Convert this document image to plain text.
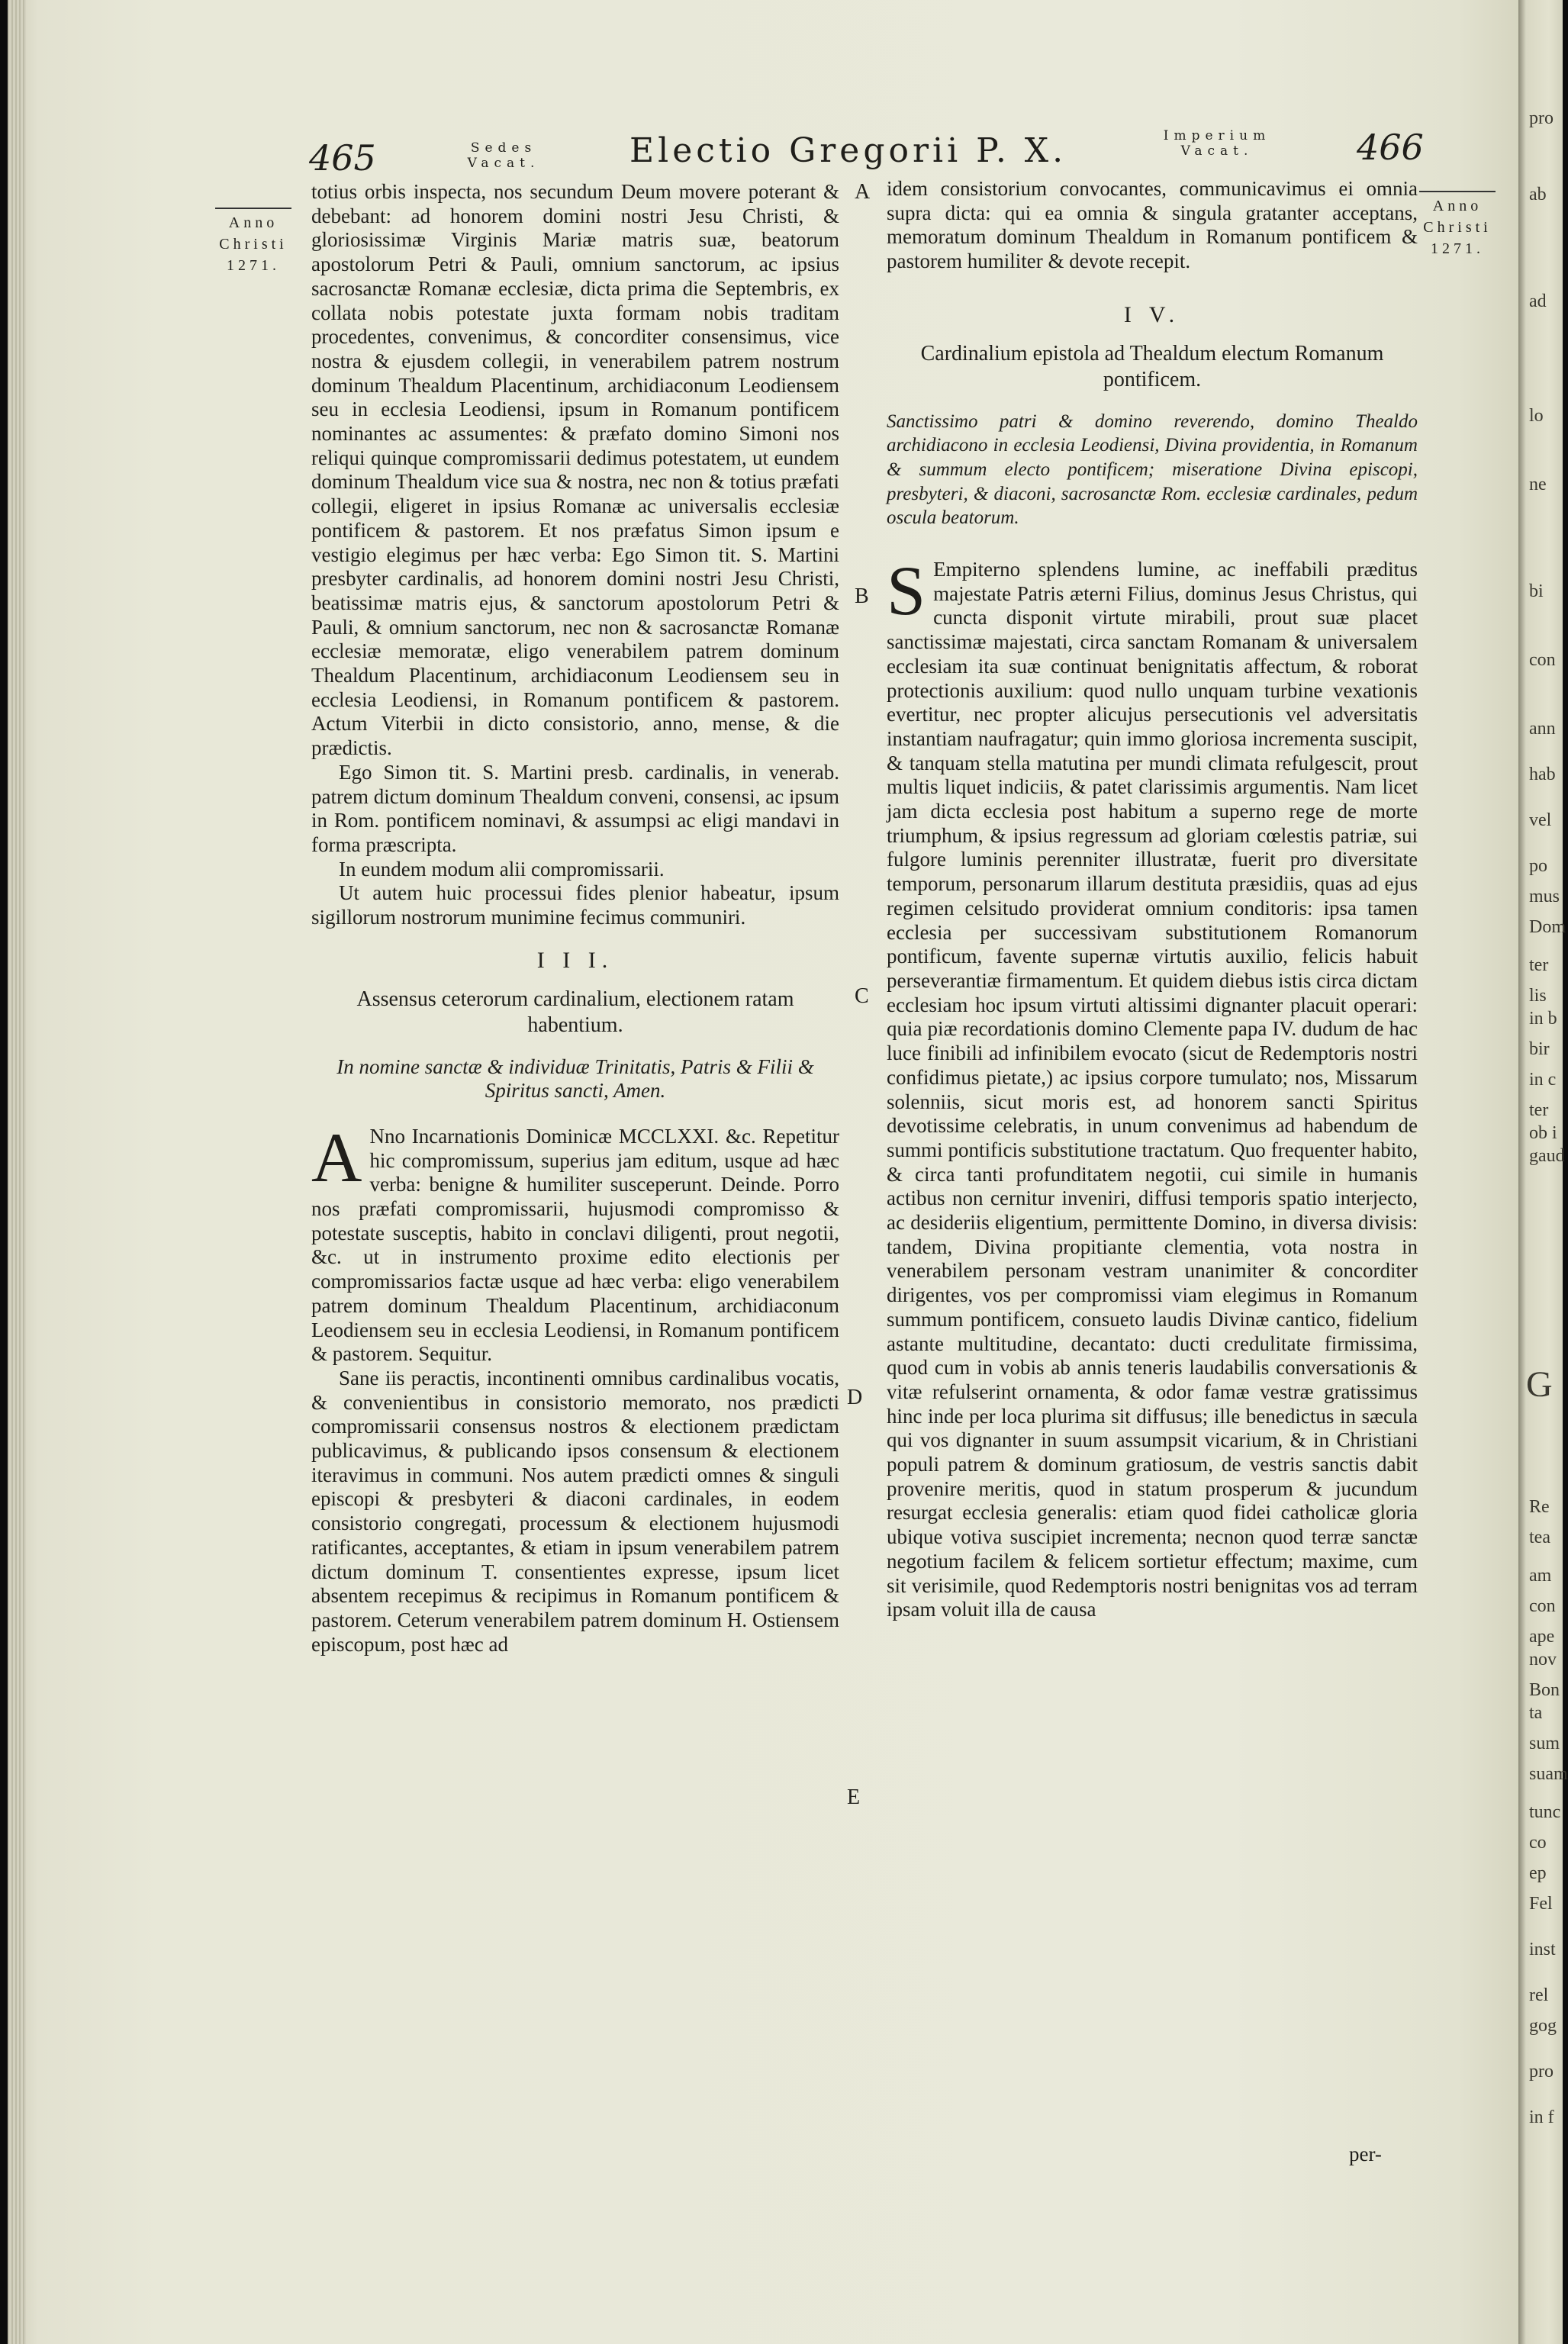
465	Sedes
Vacat.	Electio Gregorii P. X.	Imperium
Vacat.	466
Anno
Christi
1271.
Anno
Christi
1271.

totius orbis inspecta, nos secundum Deum movere poterant & debebant: ad honorem domini nostri Jesu Christi, & gloriosissimæ Virginis Mariæ matris suæ, beatorum apostolorum Petri & Pauli, omnium sanctorum, ac ipsius sacrosanctæ Romanæ ecclesiæ, dicta prima die Septembris, ex collata nobis potestate juxta formam nobis traditam procedentes, convenimus, & concorditer consensimus, vice nostra & ejusdem collegii, in venerabilem patrem nostrum dominum Thealdum Placentinum, archidiaconum Leodiensem seu in ecclesia Leodiensi, ipsum in Romanum pontificem nominantes ac assumentes: & præfato domino Simoni nos reliqui quinque compromissarii dedimus potestatem, ut eundem dominum Thealdum vice sua & nostra, nec non & totius præfati collegii, eligeret in ipsius Romanæ ac universalis ecclesiæ pontificem & pastorem. Et nos præfatus Simon ipsum e vestigio elegimus per hæc verba: Ego Simon tit. S. Martini presbyter cardinalis, ad honorem domini nostri Jesu Christi, beatissimæ matris ejus, & sanctorum apostolorum Petri & Pauli, & omnium sanctorum, nec non & sacrosanctæ Romanæ ecclesiæ memoratæ, eligo venerabilem patrem dominum Thealdum Placentinum, archidiaconum Leodiensem seu in ecclesia Leodiensi, in Romanum pontificem & pastorem. Actum Viterbii in dicto consistorio, anno, mense, & die prædictis.

Ego Simon tit. S. Martini presb. cardinalis, in venerab. patrem dictum dominum Thealdum conveni, consensi, ac ipsum in Rom. pontificem nominavi, & assumpsi ac eligi mandavi in forma præscripta.

In eundem modum alii compromissarii.

Ut autem huic processui fides plenior habeatur, ipsum sigillorum nostrorum munimine fecimus communiri.

I I I.
Assensus ceterorum cardinalium, electionem ratam habentium.

In nomine sanctæ & individuæ Trinitatis, Patris & Filii & Spiritus sancti, Amen.

A Nno Incarnationis Dominicæ MCCLXXI. &c. Repetitur hic compromissum, superius jam editum, usque ad hæc verba: benigne & humiliter susceperunt. Deinde. Porro nos præfati compromissarii, hujusmodi compromisso & potestate susceptis, habito in conclavi diligenti, prout negotii, &c. ut in instrumento proxime edito electionis per compromissarios factæ usque ad hæc verba: eligo venerabilem patrem dominum Thealdum Placentinum, archidiaconum Leodiensem seu in ecclesia Leodiensi, in Romanum pontificem & pastorem. Sequitur.

Sane iis peractis, incontinenti omnibus cardinalibus vocatis, & convenientibus in consistorio memorato, nos prædicti compromissarii consensus nostros & electionem prædictam publicavimus, & publicando ipsos consensum & electionem iteravimus in communi. Nos autem prædicti omnes & singuli episcopi & presbyteri & diaconi cardinales, in eodem consistorio congregati, processum & electionem hujusmodi ratificantes, acceptantes, & etiam in ipsum venerabilem patrem dictum dominum T. consentientes expresse, ipsum licet absentem recepimus & recipimus in Romanum pontificem & pastorem. Ceterum venerabilem patrem dominum H. Ostiensem episcopum, post hæc ad

A
B
C
D
E

idem consistorium convocantes, communicavimus ei omnia supra dicta: qui ea omnia & singula gratanter acceptans, memoratum dominum Thealdum in Romanum pontificem & pastorem humiliter & devote recepit.

I V.
Cardinalium epistola ad Thealdum electum Romanum pontificem.

Sanctissimo patri & domino reverendo, domino Thealdo archidiacono in ecclesia Leodiensi, Divina providentia, in Romanum & summum electo pontificem; miseratione Divina episcopi, presbyteri, & diaconi, sacrosanctæ Rom. ecclesiæ cardinales, pedum oscula beatorum.

S Empiterno splendens lumine, ac ineffabili præditus majestate Patris æterni Filius, dominus Jesus Christus, qui cuncta disponit virtute mirabili, prout suæ placet sanctissimæ majestati, circa sanctam Romanam & universalem ecclesiam ita suæ continuat benignitatis affectum, & roborat protectionis auxilium: quod nullo unquam turbine vexationis evertitur, nec propter alicujus persecutionis vel adversitatis instantiam naufragatur; quin immo gloriosa incrementa suscipit, & tanquam stella matutina per mundi climata refulgescit, prout multis liquet indiciis, & patet clarissimis argumentis. Nam licet jam dicta ecclesia post habitum a superno rege de morte triumphum, & ipsius regressum ad gloriam cœlestis patriæ, sui fulgore luminis perenniter illustratæ, fuerit pro diversitate temporum, personarum illarum destituta præsidiis, quas ad ejus regimen celsitudo providerat omnium conditoris: ipsa tamen ecclesia per successivam substitutionem Romanorum pontificum, favente supernæ virtutis auxilio, felicis habuit perseverantiæ firmamentum. Et quidem diebus istis circa dictam ecclesiam hoc ipsum virtuti altissimi dignanter placuit operari: quia piæ recordationis domino Clemente papa IV. dudum de hac luce finibili ad infinibilem evocato (sicut de Redemptoris nostri confidimus pietate,) ac ipsius corpore tumulato; nos, Missarum solenniis, sicut moris est, ad honorem sancti Spiritus devotissime celebratis, in unum convenimus ad habendum de summi pontificis substitutione tractatum. Quo frequenter habito, & circa tanti profunditatem negotii, cui simile in humanis actibus non cernitur inveniri, diffusi temporis spatio interjecto, ac desideriis eligentium, permittente Domino, in diversa divisis: tandem, Divina propitiante clementia, vota nostra in venerabilem personam vestram unanimiter & concorditer dirigentes, vos per compromissi viam elegimus in Romanum summum pontificem, consueto laudis Divinæ cantico, fidelium astante multitudine, decantato: ducti credulitate firmissima, quod cum in vobis ab annis teneris laudabilis conversationis & vitæ refulserint ornamenta, & odor famæ vestræ gratissimus hinc inde per loca plurima sit diffusus; ille benedictus in sæcula qui vos dignanter in suum assumpsit vicarium, & in Christiani populi patrem & dominum gratiosum, de vestris sanctis dabit provenire meritis, quod in statum prosperum & jucundum resurgat ecclesia generalis: etiam quod fidei catholicæ gloria ubique votiva suscipiet incrementa; necnon quod terræ sanctæ negotium facilem & felicem sortietur effectum; maxime, cum sit verisimile, quod Redemptoris nostri benignitas vos ad terram ipsam voluit illa de causa

per-
pro
ab
ad
lo
ne
bi
con
ann
hab
vel
po
mus
Dom
ter
lis
in b
bir
in c
ter
ob i
gaud
G
Re
tea
am
con
ape
nov
Bon
ta
sum
suam
tunc
co
ep
Fel
inst
rel
gog
pro
in f
